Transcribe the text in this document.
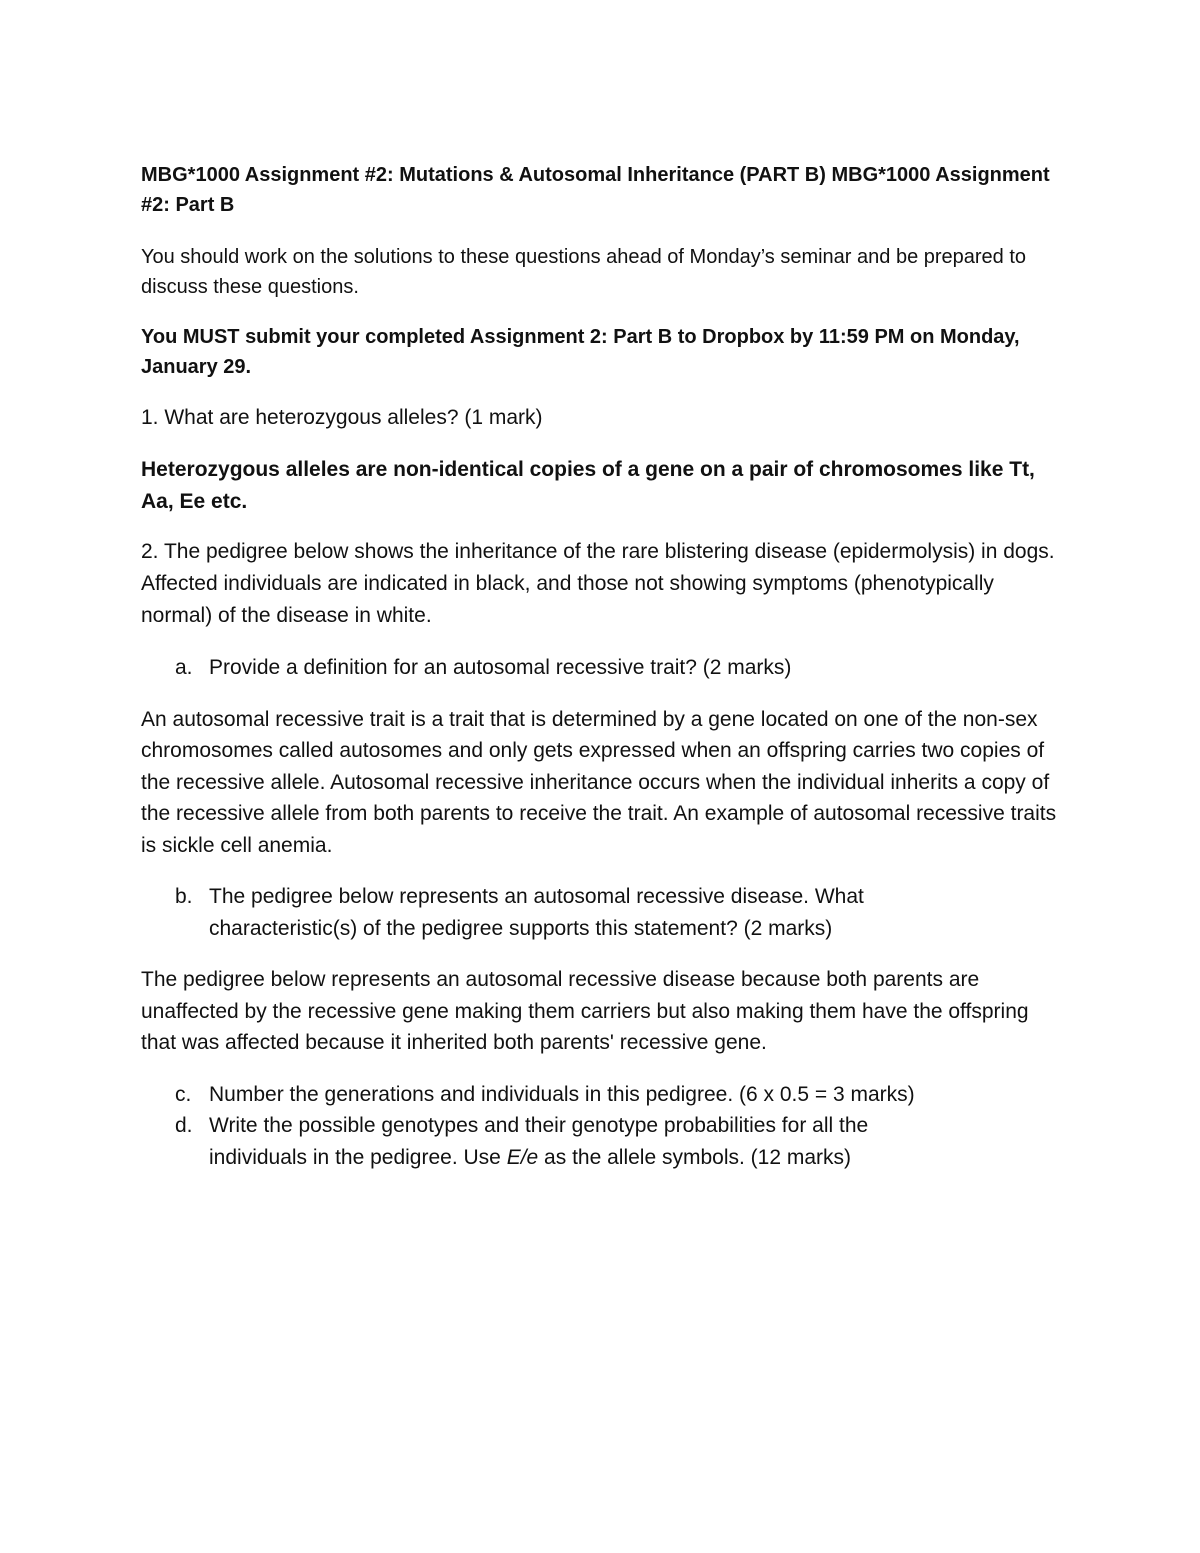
MBG*1000 Assignment #2: Mutations & Autosomal Inheritance (PART B) MBG*1000 Assignment #2: Part B

You should work on the solutions to these questions ahead of Monday’s seminar and be prepared to discuss these questions.

You MUST submit your completed Assignment 2: Part B to Dropbox by 11:59 PM on Monday, January 29.

1. What are heterozygous alleles? (1 mark)

Heterozygous alleles are non-identical copies of a gene on a pair of chromosomes like Tt, Aa, Ee etc.

2. The pedigree below shows the inheritance of the rare blistering disease (epidermolysis) in dogs. Affected individuals are indicated in black, and those not showing symptoms (phenotypically normal) of the disease in white.

a. Provide a definition for an autosomal recessive trait? (2 marks)

An autosomal recessive trait is a trait that is determined by a gene located on one of the non-sex chromosomes called autosomes and only gets expressed when an offspring carries two copies of the recessive allele. Autosomal recessive inheritance occurs when the individual inherits a copy of the recessive allele from both parents to receive the trait. An example of autosomal recessive traits is sickle cell anemia.

b. The pedigree below represents an autosomal recessive disease. What characteristic(s) of the pedigree supports this statement? (2 marks)

The pedigree below represents an autosomal recessive disease because both parents are unaffected by the recessive gene making them carriers but also making them have the offspring that was affected because it inherited both parents' recessive gene.

c. Number the generations and individuals in this pedigree. (6 x 0.5 = 3 marks)
d. Write the possible genotypes and their genotype probabilities for all the individuals in the pedigree. Use E/e as the allele symbols. (12 marks)
